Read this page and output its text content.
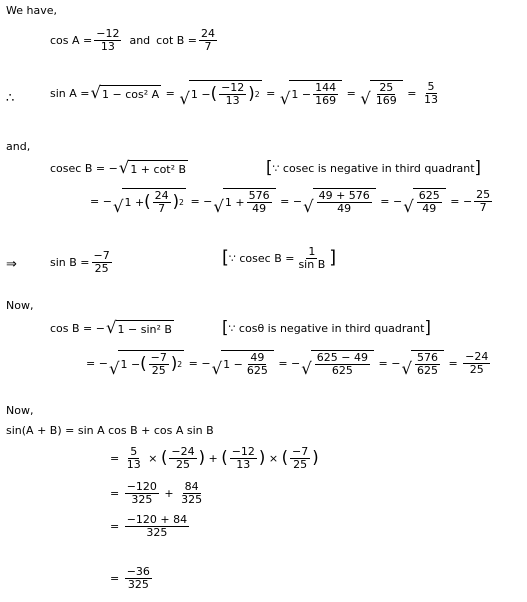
We have,
$\cos A = \frac{-12}{13}$ and $\cot B = \frac{24}{7}$
∴	sin A = √ 1 − cos² A = √ 1 − ( $\frac{-12}{13}$ ) 2 = √ $1 - \frac{144}{169}$ = √ $\frac{25}{169} = \frac{5}{13}$
and,
cosec B = − √ 1 + cot² B	[ ∵ cosec is negative in third quadrant ]
= − √ 1 + ( $\frac{24}{7}$ ) 2 = − √ $1 + \frac{576}{49}$ = − √ $\frac{49 + 576}{49}$ = − √ $\frac{625}{49}$ = − $\frac{25}{7}$
⇒	$\sin B = \frac{-7}{25}$	[ ∵ cosec $B = \frac{1}{\text{sin B}}$ ]
Now,
cos B = − √ 1 − sin² B	[ ∵ cosθ is negative in third quadrant ]
= − √ 1 − ( $\frac{-7}{25}$ ) 2 = − √ $1 - \frac{49}{625}$ = − √ $\frac{625 - 49}{625}$ = − √ $\frac{576}{625} = \frac{-24}{25}$
Now,
sin(A + B) = sin A cos B + cos A sin B
= $\frac{5}{13}$ × ( $\frac{-24}{25}$ ) + ( $\frac{-12}{13}$ ) × ( $\frac{-7}{25}$ )
= $\frac{-120}{325} + \frac{84}{325}$
= $\frac{-120 + 84}{325}$
= $\frac{-36}{325}$
